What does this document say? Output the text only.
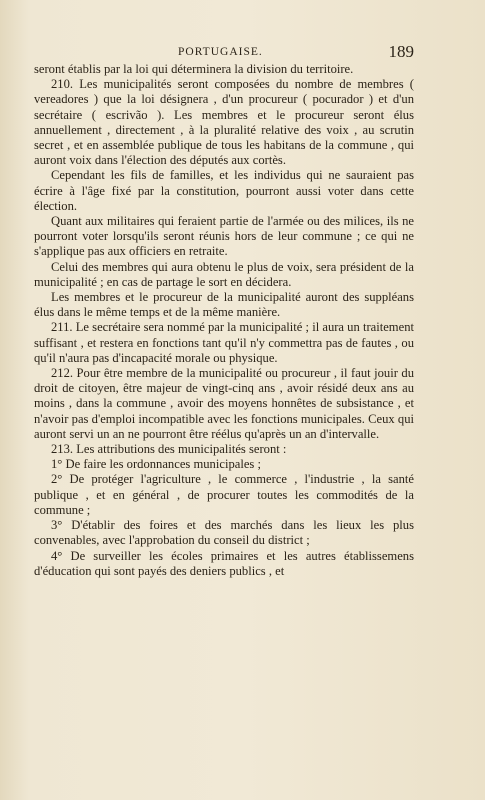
PORTUGAISE.	189

seront établis par la loi qui déterminera la division du territoire.

210. Les municipalités seront composées du nombre de membres ( vereadores ) que la loi désignera , d'un procureur ( pocurador ) et d'un secrétaire ( escrivão ). Les membres et le procureur seront élus annuellement , directement , à la pluralité relative des voix , au scrutin secret , et en assemblée publique de tous les habitans de la commune , qui auront voix dans l'élection des députés aux cortès.

Cependant les fils de familles, et les individus qui ne sauraient pas écrire à l'âge fixé par la constitution, pourront aussi voter dans cette élection.

Quant aux militaires qui feraient partie de l'armée ou des milices, ils ne pourront voter lorsqu'ils seront réunis hors de leur commune ; ce qui ne s'applique pas aux officiers en retraite.

Celui des membres qui aura obtenu le plus de voix, sera président de la municipalité ; en cas de partage le sort en décidera.

Les membres et le procureur de la municipalité auront des suppléans élus dans le même temps et de la même manière.

211. Le secrétaire sera nommé par la municipalité ; il aura un traitement suffisant , et restera en fonctions tant qu'il n'y commettra pas de fautes , ou qu'il n'aura pas d'incapacité morale ou physique.

212. Pour être membre de la municipalité ou procureur , il faut jouir du droit de citoyen, être majeur de vingt-cinq ans , avoir résidé deux ans au moins , dans la commune , avoir des moyens honnêtes de subsistance , et n'avoir pas d'emploi incompatible avec les fonctions municipales. Ceux qui auront servi un an ne pourront être réélus qu'après un an d'intervalle.

213. Les attributions des municipalités seront :

1° De faire les ordonnances municipales ;

2° De protéger l'agriculture , le commerce , l'industrie , la santé publique , et en général , de procurer toutes les commodités de la commune ;

3° D'établir des foires et des marchés dans les lieux les plus convenables, avec l'approbation du conseil du district ;

4° De surveiller les écoles primaires et les autres établissemens d'éducation qui sont payés des deniers publics , et
